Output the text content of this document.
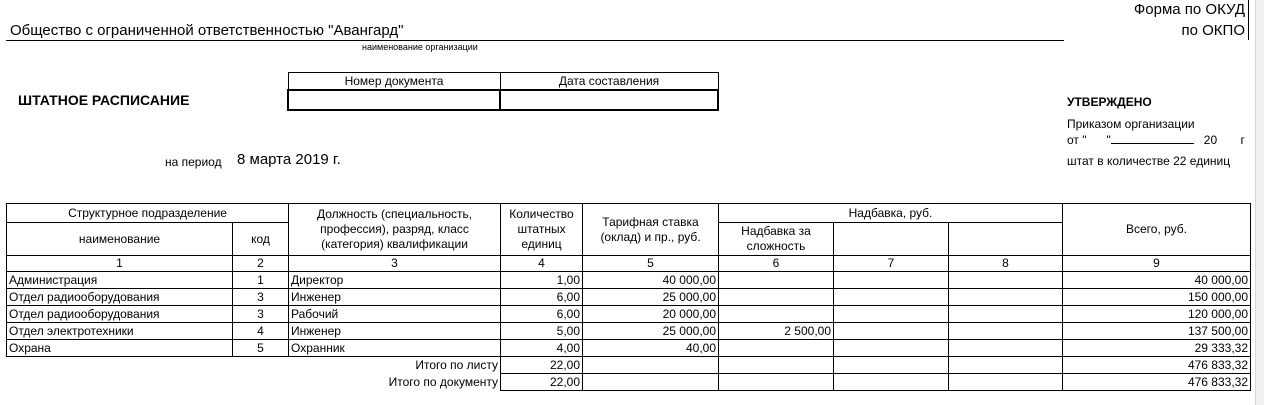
Общество с ограниченной ответственностью "Авангард"
наименование организации
Форма по ОКУД
по ОКПО
ШТАТНОЕ РАСПИСАНИЕ
Номер документа	Дата составления

на период 8 марта 2019 г.
УТВЕРЖДЕНО
Приказом организации
от " "	20 г
штат в количестве 22 единиц
Структурное подразделение		Должность (специальность, профессия), разряд, класс (категория) квалификации	Количество штатных единиц	Тарифная ставка (оклад) и пр., руб.	Надбавка, руб.			Всего, руб.
наименование	код				Надбавка за сложность			
1	2	3	4	5	6	7	8	9
Администрация	1	Директор	1,00	40 000,00				40 000,00
Отдел радиооборудования	3	Инженер	6,00	25 000,00				150 000,00
Отдел радиооборудования	3	Рабочий	6,00	20 000,00				120 000,00
Отдел электротехники	4	Инженер	5,00	25 000,00	2 500,00			137 500,00
Охрана	5	Охранник	4,00	40,00				29 333,32
Итого по листу			22,00					476 833,32
Итого по документу			22,00					476 833,32
